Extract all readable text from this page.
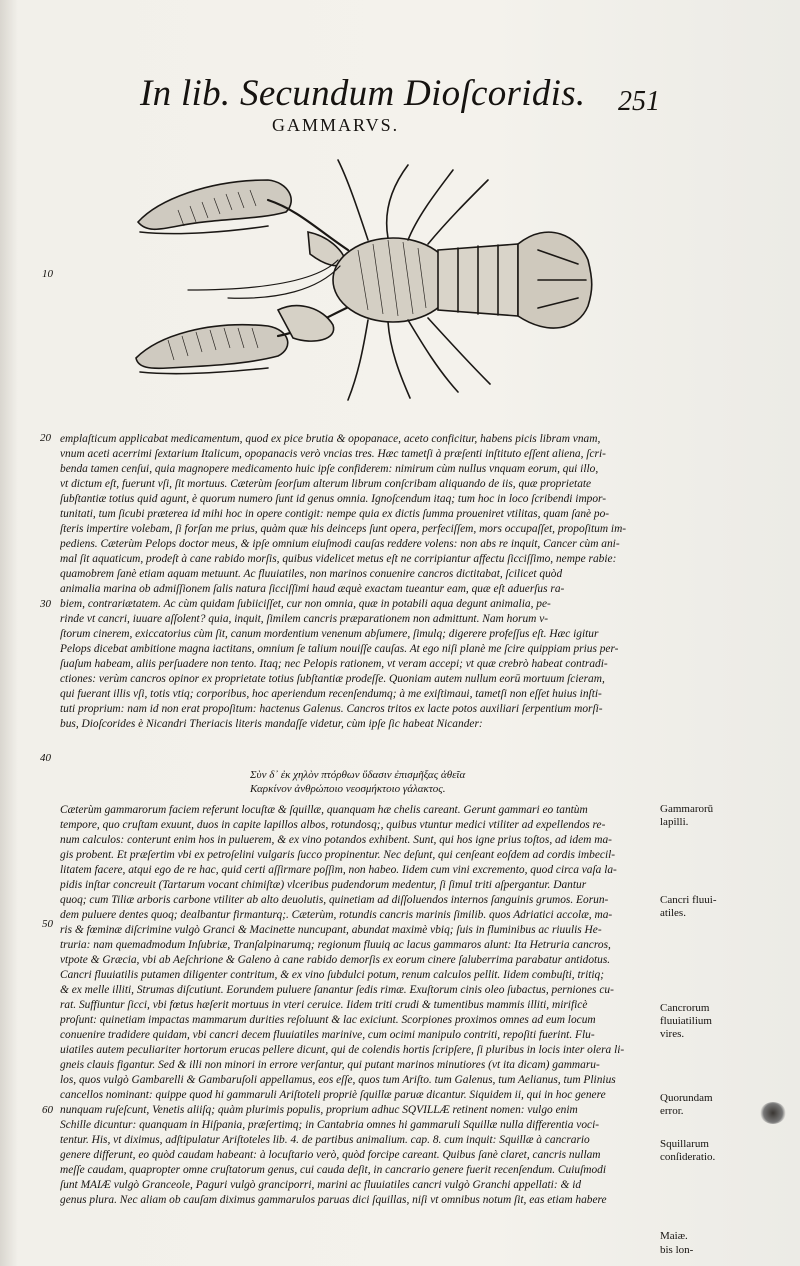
In lib. Secundum Dioſcoridis. 251
GAMMARVS.
10
20
30
40
50
60
emplaſticum applicabat medicamentum, quod ex pice brutia & opopanace, aceto conficitur, habens picis libram vnam,
vnum aceti acerrimi ſextarium Italicum, opopanacis verò vncias tres. Hæc tametſi à præſenti inſtituto eſſent aliena, ſcri-
benda tamen cenſui, quia magnopere medicamento huic ipſe confiderem: nimirum cùm nullus vnquam eorum, qui illo,
vt dictum eſt, fuerunt vſi, ſit mortuus. Cæterùm ſeorſum alterum librum conſcribam aliquando de iis, quæ proprietate
ſubſtantiæ totius quid agunt, è quorum numero ſunt id genus omnia. Ignoſcendum itaq; tum hoc in loco ſcribendi impor-
tunitati, tum ſicubi præterea id mihi hoc in opere contigit: nempe quia ex dictis ſumma proueniret vtilitas, quam ſanè po-
ſteris impertire volebam, ſi forſan me prius, quàm quæ his deinceps ſunt opera, perfeciſſem, mors occupaſſet, propoſitum im-
pediens. Cæterùm Pelops doctor meus, & ipſe omnium eiuſmodi cauſas reddere volens: non abs re inquit, Cancer cùm ani-
mal ſit aquaticum, prodeſt à cane rabido morſis, quibus videlicet metus eſt ne corripiantur affectu ſicciſſimo, nempe rabie:
quamobrem ſanè etiam aquam metuunt. Ac fluuiatiles, non marinos conuenire cancros dictitabat, ſcilicet quòd
animalia marina ob admiſſionem ſalis natura ſicciſſimi haud æquè exactam tueantur eam, quæ eſt aduerſus ra-
biem, contrariætatem. Ac cùm quidam ſubiiciſſet, cur non omnia, quæ in potabili aqua degunt animalia, pe-
rinde vt cancri, iuuare aſſolent? quia, inquit, ſimilem cancris præparationem non admittunt. Nam horum v-
ſtorum cinerem, exiccatorius cùm ſit, canum mordentium venenum abſumere, ſimulq; digerere profeſſus eſt. Hæc igitur
Pelops dicebat ambitione magna iactitans, omnium ſe talium nouiſſe cauſas. At ego niſi planè me ſcire quippiam prius per-
ſuaſum habeam, aliis perſuadere non tento. Itaq; nec Pelopis rationem, vt veram accepi; vt quæ crebrò habeat contradi-
ctiones: verùm cancros opinor ex proprietate totius ſubſtantiæ prodeſſe. Quoniam autem nullum eorū mortuum ſcieram,
qui fuerant illis vſi, totis vtiq; corporibus, hoc aperiendum recenſendumq; à me exiſtimaui, tametſi non eſſet huius inſti-
tuti proprium: nam id non erat propoſitum: hactenus Galenus. Cancros tritos ex lacte potos auxiliari ſerpentium morſi-
bus, Dioſcorides è Nicandri Theriacis literis mandaſſe videtur, cùm ipſe ſic habeat Nicander:
Σὺν δ᾽ ἐκ χηλὸν πτόρθων ὕδασιν ἐπισμῆξας ἀθεῖα
Καρκίνον ἀνθρώποιο νεοσμήκτοιο γάλακτος.
Cæterùm gammarorum faciem referunt locuſtæ & ſquillæ, quanquam hæ chelis careant. Gerunt gammari eo tantùm
tempore, quo cruſtam exuunt, duos in capite lapillos albos, rotundosq;, quibus vtuntur medici vtiliter ad expellendos re-
num calculos: conterunt enim hos in puluerem, & ex vino potandos exhibent. Sunt, qui hos igne prius toſtos, ad idem ma-
gis probent. Et præſertim vbi ex petroſelini vulgaris ſucco propinentur. Nec deſunt, qui cenſeant eoſdem ad cordis imbecil-
litatem facere, atqui ego de re hac, quid certi aſſirmare poſſim, non habeo. Iidem cum vini excremento, quod circa vaſa la-
pidis inſtar concreuit (Tartarum vocant chimiſtæ) vlceribus pudendorum medentur, ſi ſimul triti aſpergantur. Dantur
quoq; cum Tiliæ arboris carbone vtiliter ab alto deuolutis, quinetiam ad diſſoluendos internos ſanguinis grumos. Eorun-
dem puluere dentes quoq; dealbantur firmanturq;. Cæterùm, rotundis cancris marinis ſimilib. quos Adriatici accolæ, ma-
ris & fœminæ diſcrimine vulgò Granci & Macinette nuncupant, abundat maximè vbiq; ſuis in fluminibus ac riuulis He-
truria: nam quemadmodum Inſubriæ, Tranſalpinarumq; regionum fluuiq ac lacus gammaros alunt: Ita Hetruria cancros,
vtpote & Græcia, vbi ab Aeſchrione & Galeno à cane rabido demorſis ex eorum cinere ſaluberrima parabatur antidotus.
Cancri fluuiatilis putamen diligenter contritum, & ex vino ſubdulci potum, renum calculos pellit. Iidem combuſti, tritiq;
& ex melle illiti, Strumas diſcutiunt. Eorundem puluere ſanantur ſedis rimæ. Exuſtorum cinis oleo ſubactus, perniones cu-
rat. Suffiuntur ſicci, vbi fœtus hæſerit mortuus in vteri ceruice. Iidem triti crudi & tumentibus mammis illiti, mirificè
proſunt: quinetiam impactas mammarum durities reſoluunt & lac exiciunt. Scorpiones proximos omnes ad eum locum
conuenire tradidere quidam, vbi cancri decem fluuiatiles marinive, cum ocimi manipulo contriti, repoſiti fuerint. Flu-
uiatiles autem peculiariter hortorum erucas pellere dicunt, qui de colendis hortis ſcripſere, ſi pluribus in locis inter olera li-
gneis clauis figantur. Sed & illi non minori in errore verſantur, qui putant marinos minutiores (vt ita dicam) gammaru-
los, quos vulgò Gambarelli & Gambaruſoli appellamus, eos eſſe, quos tum Ariſto. tum Galenus, tum Aelianus, tum Plinius
cancellos nominant: quippe quod hi gammaruli Ariſtoteli propriè ſquillæ paruæ dicantur. Siquidem ii, qui in hoc genere
nunquam ruſeſcunt, Venetis aliiſq; quàm plurimis populis, proprium adhuc SQVILLÆ retinent nomen: vulgo enim
Schille dicuntur: quanquam in Hiſpania, præſertimq; in Cantabria omnes hi gammaruli Squillæ nulla differentia voci-
tentur. His, vt diximus, adſtipulatur Ariſtoteles lib. 4. de partibus animalium. cap. 8. cum inquit: Squillæ à cancrario
genere differunt, eo quòd caudam habeant: à locuſtario verò, quòd forcipe careant. Quibus ſanè claret, cancris nullam
meſſe caudam, quapropter omne cruſtatorum genus, cui cauda deſit, in cancrario genere fuerit recenſendum. Cuiuſmodi
ſunt MAIÆ vulgò Granceole, Paguri vulgò granciporri, marini ac fluuiatiles cancri vulgò Granchi appellati: & id
genus plura. Nec aliam ob cauſam diximus gammarulos paruas dici ſquillas, niſi vt omnibus notum ſit, eas etiam habere
Gammarorū
lapilli.
Cancri fluui-
atiles.
Cancrorum
fluuiatilium
vires.
Quorundam
error.
Squillarum
conſideratio.
Maiæ.
bis lon-
